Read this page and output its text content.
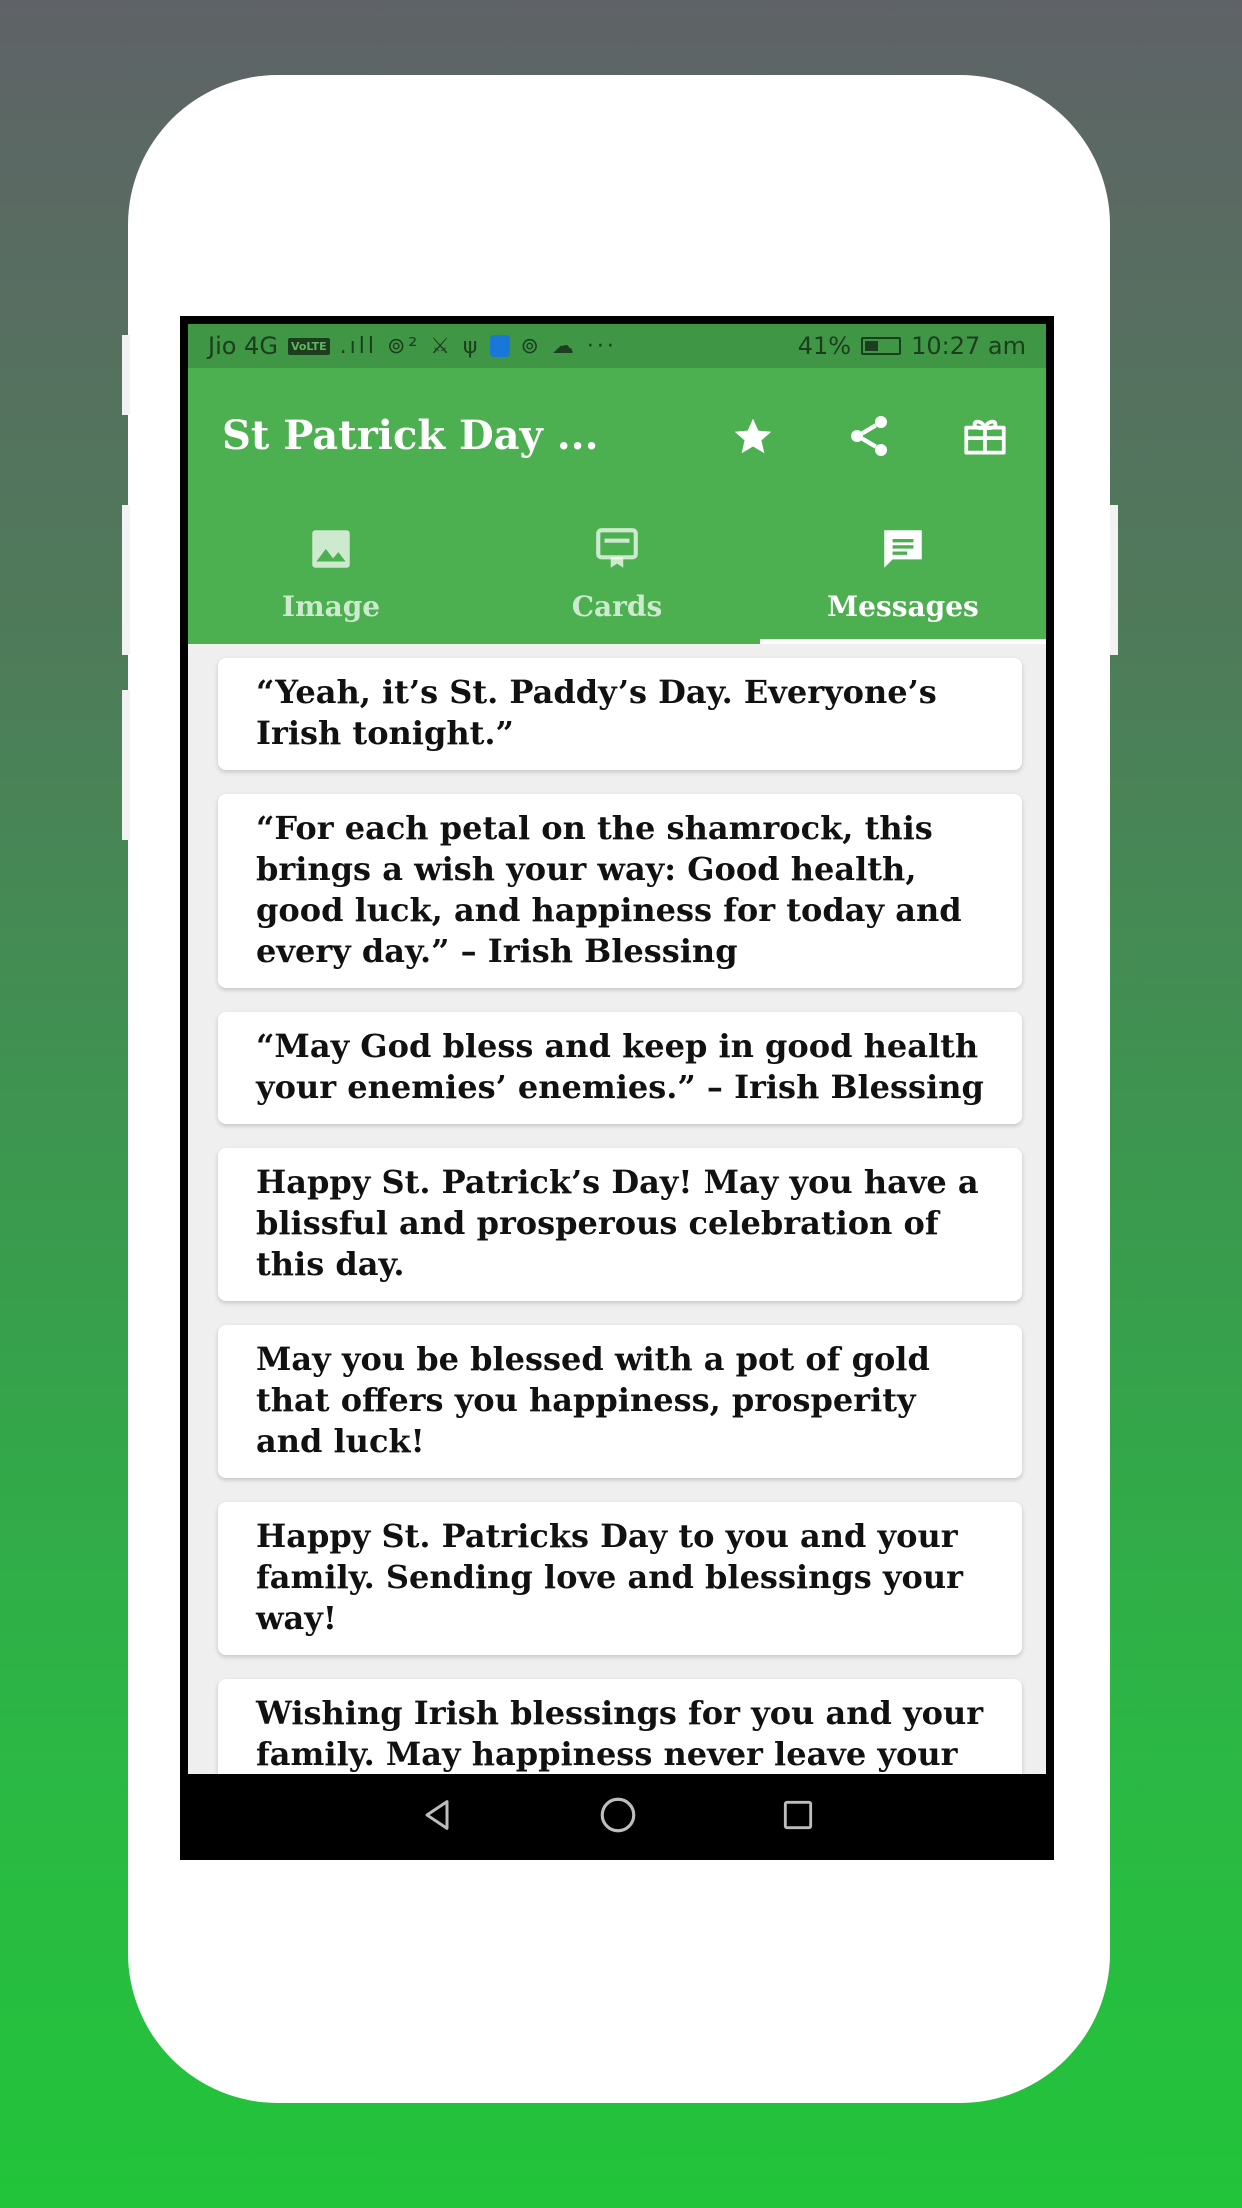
Jio 4G VoLTE .ıll ⊚² ⚔ ψ ⊚ ☁ ···	41%	10:27 am
St Patrick Day ...
Image	Cards	Messages
“Yeah, it’s St. Paddy’s Day. Everyone’s Irish tonight.”
“For each petal on the shamrock, this brings a wish your way: Good health, good luck, and happiness for today and every day.” – Irish Blessing
“May God bless and keep in good health your enemies’ enemies.” – Irish Blessing
Happy St. Patrick’s Day! May you have a blissful and prosperous celebration of this day.
May you be blessed with a pot of gold that offers you happiness, prosperity and luck!
Happy St. Patricks Day to you and your family. Sending love and blessings your way!
Wishing Irish blessings for you and your family. May happiness never leave your
